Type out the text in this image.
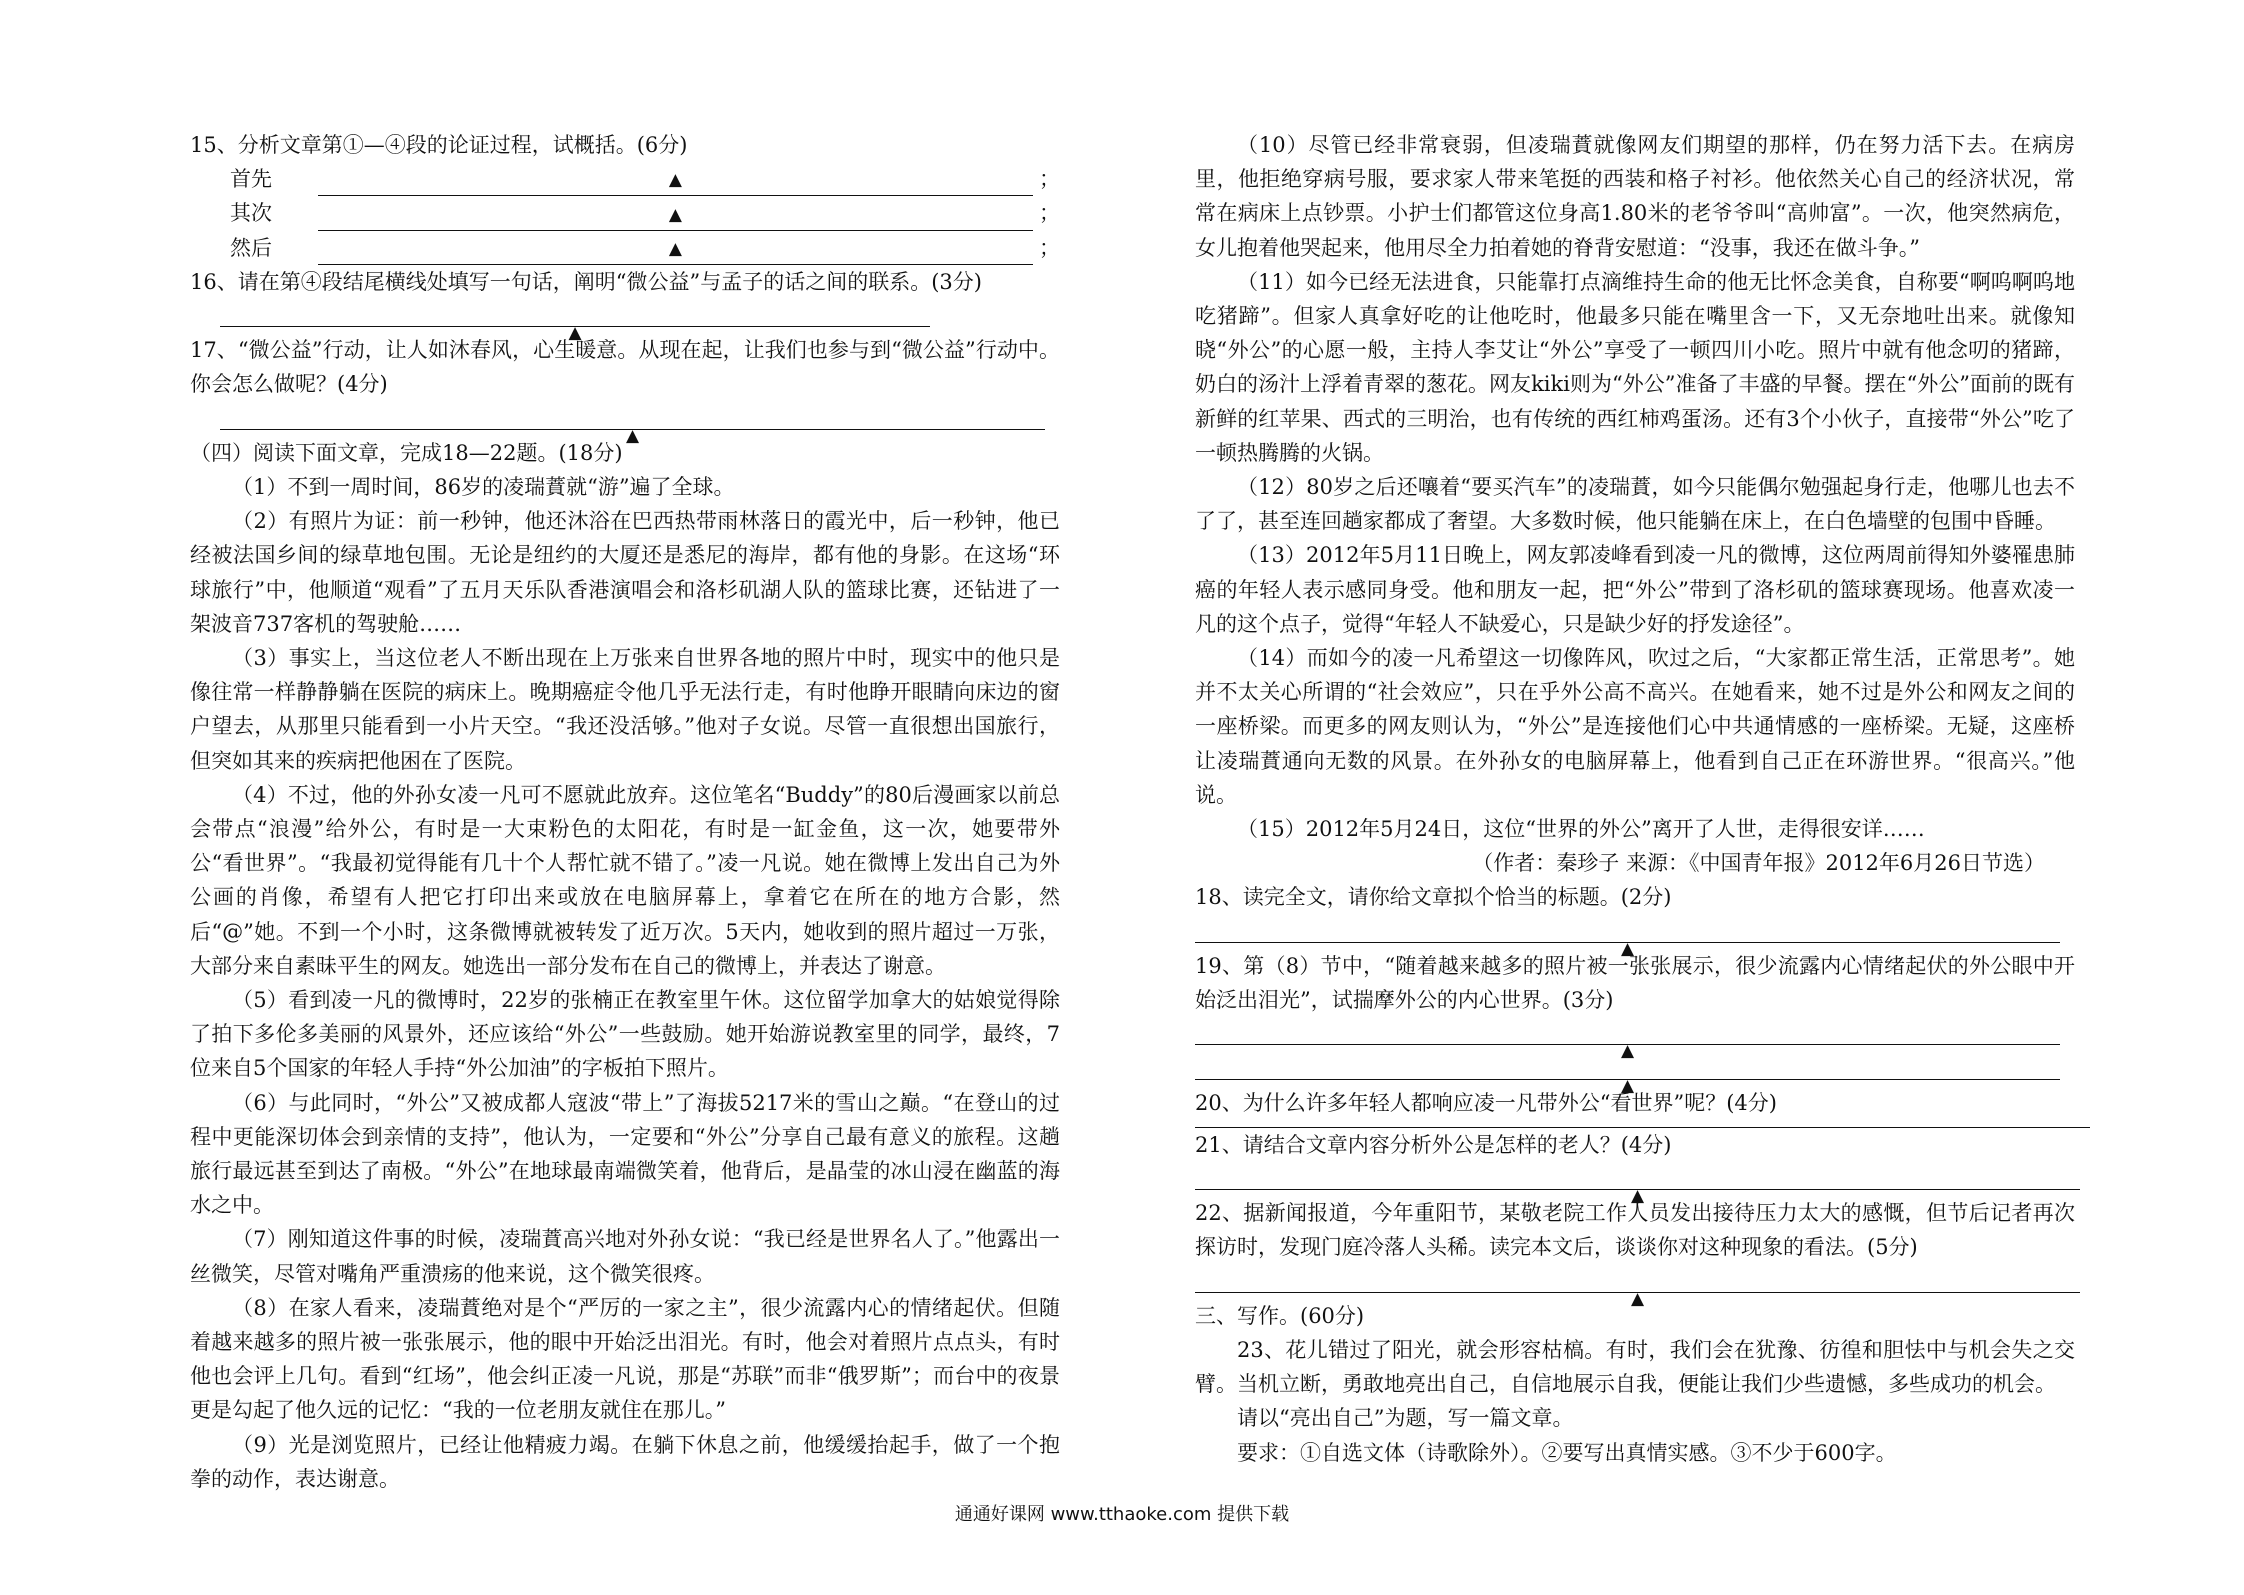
15、分析文章第①—④段的论证过程，试概括。(6分)

首先	▲	；
其次	▲	；
然后	▲	；

16、请在第④段结尾横线处填写一句话，阐明“微公益”与孟子的话之间的联系。(3分)

▲

17、“微公益”行动，让人如沐春风，心生暖意。从现在起，让我们也参与到“微公益”行动中。你会怎么做呢？(4分)

▲

（四）阅读下面文章，完成18—22题。(18分)

（1）不到一周时间，86岁的凌瑞蕡就“游”遍了全球。

（2）有照片为证：前一秒钟，他还沐浴在巴西热带雨林落日的霞光中，后一秒钟，他已经被法国乡间的绿草地包围。无论是纽约的大厦还是悉尼的海岸，都有他的身影。在这场“环球旅行”中，他顺道“观看”了五月天乐队香港演唱会和洛杉矶湖人队的篮球比赛，还钻进了一架波音737客机的驾驶舱……

（3）事实上，当这位老人不断出现在上万张来自世界各地的照片中时，现实中的他只是像往常一样静静躺在医院的病床上。晚期癌症令他几乎无法行走，有时他睁开眼睛向床边的窗户望去，从那里只能看到一小片天空。“我还没活够。”他对子女说。尽管一直很想出国旅行，但突如其来的疾病把他困在了医院。

（4）不过，他的外孙女凌一凡可不愿就此放弃。这位笔名“Buddy”的80后漫画家以前总会带点“浪漫”给外公，有时是一大束粉色的太阳花，有时是一缸金鱼，这一次，她要带外公“看世界”。“我最初觉得能有几十个人帮忙就不错了。”凌一凡说。她在微博上发出自己为外公画的肖像，希望有人把它打印出来或放在电脑屏幕上，拿着它在所在的地方合影，然后“@”她。不到一个小时，这条微博就被转发了近万次。5天内，她收到的照片超过一万张，大部分来自素昧平生的网友。她选出一部分发布在自己的微博上，并表达了谢意。

（5）看到凌一凡的微博时，22岁的张楠正在教室里午休。这位留学加拿大的姑娘觉得除了拍下多伦多美丽的风景外，还应该给“外公”一些鼓励。她开始游说教室里的同学，最终，7位来自5个国家的年轻人手持“外公加油”的字板拍下照片。

（6）与此同时，“外公”又被成都人寇波“带上”了海拔5217米的雪山之巅。“在登山的过程中更能深切体会到亲情的支持”，他认为，一定要和“外公”分享自己最有意义的旅程。这趟旅行最远甚至到达了南极。“外公”在地球最南端微笑着，他背后，是晶莹的冰山浸在幽蓝的海水之中。

（7）刚知道这件事的时候，凌瑞蕡高兴地对外孙女说：“我已经是世界名人了。”他露出一丝微笑，尽管对嘴角严重溃疡的他来说，这个微笑很疼。

（8）在家人看来，凌瑞蕡绝对是个“严厉的一家之主”，很少流露内心的情绪起伏。但随着越来越多的照片被一张张展示，他的眼中开始泛出泪光。有时，他会对着照片点点头，有时他也会评上几句。看到“红场”，他会纠正凌一凡说，那是“苏联”而非“俄罗斯”；而台中的夜景更是勾起了他久远的记忆：“我的一位老朋友就住在那儿。”

（9）光是浏览照片，已经让他精疲力竭。在躺下休息之前，他缓缓抬起手，做了一个抱拳的动作，表达谢意。

（10）尽管已经非常衰弱，但凌瑞蕡就像网友们期望的那样，仍在努力活下去。在病房里，他拒绝穿病号服，要求家人带来笔挺的西装和格子衬衫。他依然关心自己的经济状况，常常在病床上点钞票。小护士们都管这位身高1.80米的老爷爷叫“高帅富”。一次，他突然病危，女儿抱着他哭起来，他用尽全力拍着她的脊背安慰道：“没事，我还在做斗争。”

（11）如今已经无法进食，只能靠打点滴维持生命的他无比怀念美食，自称要“啊呜啊呜地吃猪蹄”。但家人真拿好吃的让他吃时，他最多只能在嘴里含一下，又无奈地吐出来。就像知晓“外公”的心愿一般，主持人李艾让“外公”享受了一顿四川小吃。照片中就有他念叨的猪蹄，奶白的汤汁上浮着青翠的葱花。网友kiki则为“外公”准备了丰盛的早餐。摆在“外公”面前的既有新鲜的红苹果、西式的三明治，也有传统的西红柿鸡蛋汤。还有3个小伙子，直接带“外公”吃了一顿热腾腾的火锅。

（12）80岁之后还嚷着“要买汽车”的凌瑞蕡，如今只能偶尔勉强起身行走，他哪儿也去不了了，甚至连回趟家都成了奢望。大多数时候，他只能躺在床上，在白色墙壁的包围中昏睡。

（13）2012年5月11日晚上，网友郭凌峰看到凌一凡的微博，这位两周前得知外婆罹患肺癌的年轻人表示感同身受。他和朋友一起，把“外公”带到了洛杉矶的篮球赛现场。他喜欢凌一凡的这个点子，觉得“年轻人不缺爱心，只是缺少好的抒发途径”。

（14）而如今的凌一凡希望这一切像阵风，吹过之后，“大家都正常生活，正常思考”。她并不太关心所谓的“社会效应”，只在乎外公高不高兴。在她看来，她不过是外公和网友之间的一座桥梁。而更多的网友则认为，“外公”是连接他们心中共通情感的一座桥梁。无疑，这座桥让凌瑞蕡通向无数的风景。在外孙女的电脑屏幕上，他看到自己正在环游世界。“很高兴。”他说。

（15）2012年5月24日，这位“世界的外公”离开了人世，走得很安详……

（作者：秦珍子 来源：《中国青年报》2012年6月26日节选）

18、读完全文，请你给文章拟个恰当的标题。(2分)

▲

19、第（8）节中，“随着越来越多的照片被一张张展示，很少流露内心情绪起伏的外公眼中开始泛出泪光”，试揣摩外公的内心世界。(3分)

▲
▲

20、为什么许多年轻人都响应凌一凡带外公“看世界”呢？(4分)

21、请结合文章内容分析外公是怎样的老人？(4分)

▲

22、据新闻报道，今年重阳节，某敬老院工作人员发出接待压力太大的感慨，但节后记者再次探访时，发现门庭冷落人头稀。读完本文后，谈谈你对这种现象的看法。(5分)

▲

三、写作。(60分)

23、花儿错过了阳光，就会形容枯槁。有时，我们会在犹豫、彷徨和胆怯中与机会失之交臂。当机立断，勇敢地亮出自己，自信地展示自我，便能让我们少些遗憾，多些成功的机会。

请以“亮出自己”为题，写一篇文章。

要求：①自选文体（诗歌除外）。②要写出真情实感。③不少于600字。

通通好课网 www.tthaoke.com 提供下载
